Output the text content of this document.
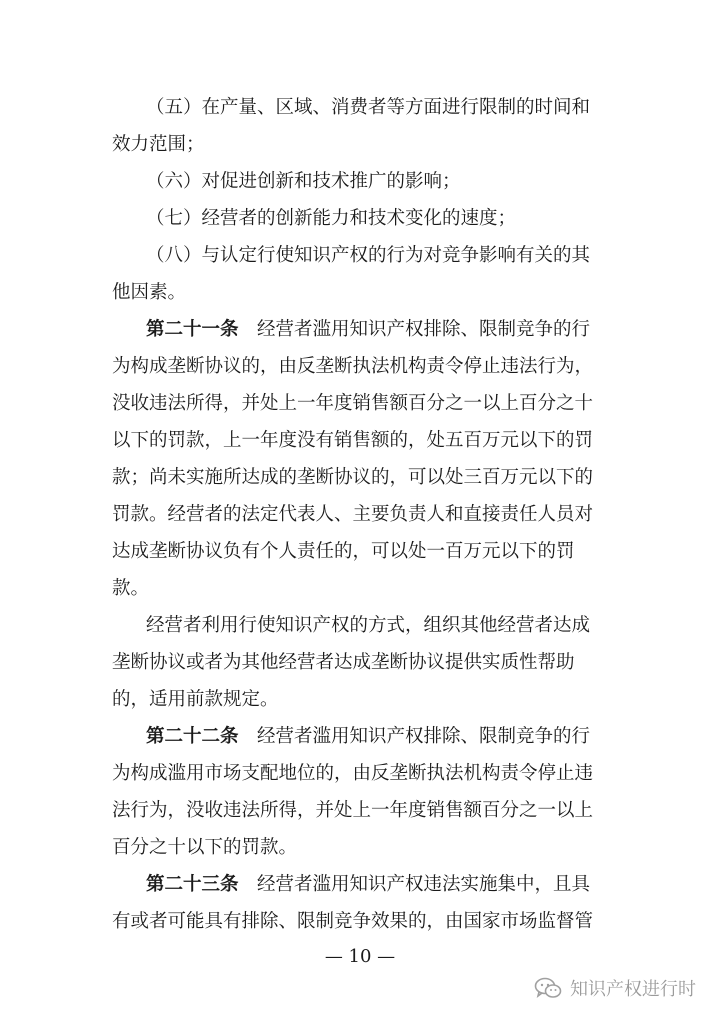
（五）在产量、区域、消费者等方面进行限制的时间和
效力范围；
（六）对促进创新和技术推广的影响；
（七）经营者的创新能力和技术变化的速度；
（八）与认定行使知识产权的行为对竞争影响有关的其
他因素。
第二十一条　经营者滥用知识产权排除、限制竞争的行
为构成垄断协议的，由反垄断执法机构责令停止违法行为，
没收违法所得，并处上一年度销售额百分之一以上百分之十
以下的罚款，上一年度没有销售额的，处五百万元以下的罚
款；尚未实施所达成的垄断协议的，可以处三百万元以下的
罚款。经营者的法定代表人、主要负责人和直接责任人员对
达成垄断协议负有个人责任的，可以处一百万元以下的罚
款。
经营者利用行使知识产权的方式，组织其他经营者达成
垄断协议或者为其他经营者达成垄断协议提供实质性帮助
的，适用前款规定。
第二十二条　经营者滥用知识产权排除、限制竞争的行
为构成滥用市场支配地位的，由反垄断执法机构责令停止违
法行为，没收违法所得，并处上一年度销售额百分之一以上
百分之十以下的罚款。
第二十三条　经营者滥用知识产权违法实施集中，且具
有或者可能具有排除、限制竞争效果的，由国家市场监督管
— 10 —
知识产权进行时
